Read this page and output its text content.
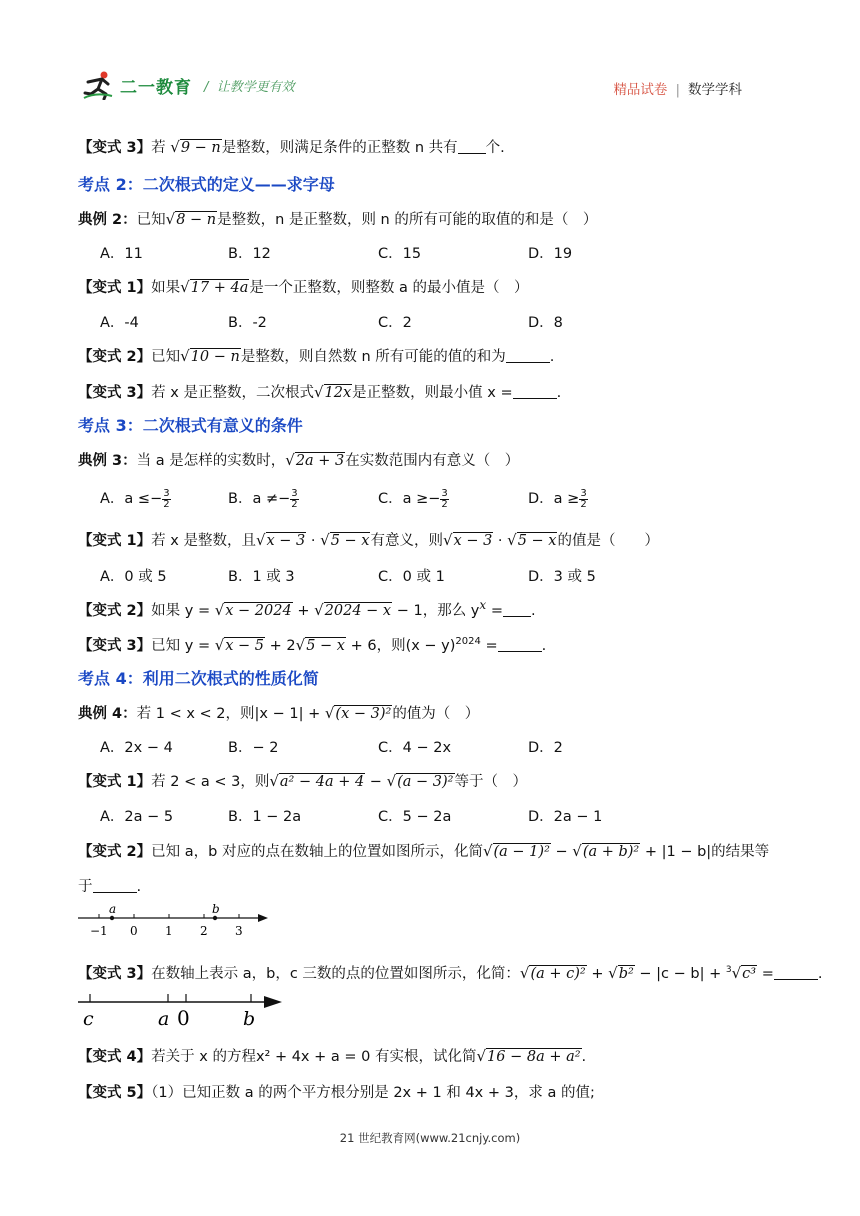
二一教育 /  让教学更有效	精品试卷 | 数学学科
【变式 3】若 √9 − n是整数，则满足条件的正整数 n 共有 个.
考点 2：二次根式的定义——求字母
典例 2：已知√8 − n是整数，n 是正整数，则 n 的所有可能的取值的和是（　）
A．11	B．12	C．15	D．19
【变式 1】如果√17 + 4a是一个正整数，则整数 a 的最小值是（　）
A．-4	B．-2	C．2	D．8
【变式 2】已知√10 − n是整数，则自然数 n 所有可能的值的和为	.
【变式 3】若 x 是正整数，二次根式√12x是正整数，则最小值 x =	.
考点 3：二次根式有意义的条件
典例 3：当 a 是怎样的实数时，√2a + 3在实数范围内有意义（　）
A．$a \le- \frac{3}{2}$	B．$a \ne- \frac{3}{2}$	C．$a \ge- \frac{3}{2}$	D．$a \ge \frac{3}{2}$
【变式 1】若 x 是整数，且√x − 3 · √5 − x有意义，则√x − 3 · √5 − x的值是（　　）
A．0 或 5	B．1 或 3	C．0 或 1	D．3 或 5
【变式 2】如果 y = √x − 2024 + √2024 − x − 1，那么 $y^x$ = .
【变式 3】已知 y = √x − 5 + 2√5 − x + 6，则$(x - y)^{2024}$ =	.
考点 4：利用二次根式的性质化简
典例 4：若 1 < x < 2，则|x − 1| + √(x − 3)²的值为（　）
A．2x − 4	B．− 2	C．4 − 2x	D．2
【变式 1】若 2 < a < 3，则√a² − 4a + 4 − √(a − 3)²等于（　）
A．2a − 5	B．1 − 2a	C．5 − 2a	D．2a − 1
【变式 2】已知 a，b 对应的点在数轴上的位置如图所示，化简√(a − 1)² − √(a + b)² + |1 − b|的结果等
于	.
a	b
−1 0 1 2 3
【变式 3】在数轴上表示 a，b，c 三数的点的位置如图所示，化简：√(a + c)² + √b² − |c − b| + $^3$√c³ =	.
c	a 0	b
【变式 4】若关于 x 的方程x² + 4x + a = 0 有实根，试化简√16 − 8a + a².
【变式 5】（1）已知正数 a 的两个平方根分别是 2x + 1 和 4x + 3，求 a 的值;
21 世纪教育网(www.21cnjy.com)
